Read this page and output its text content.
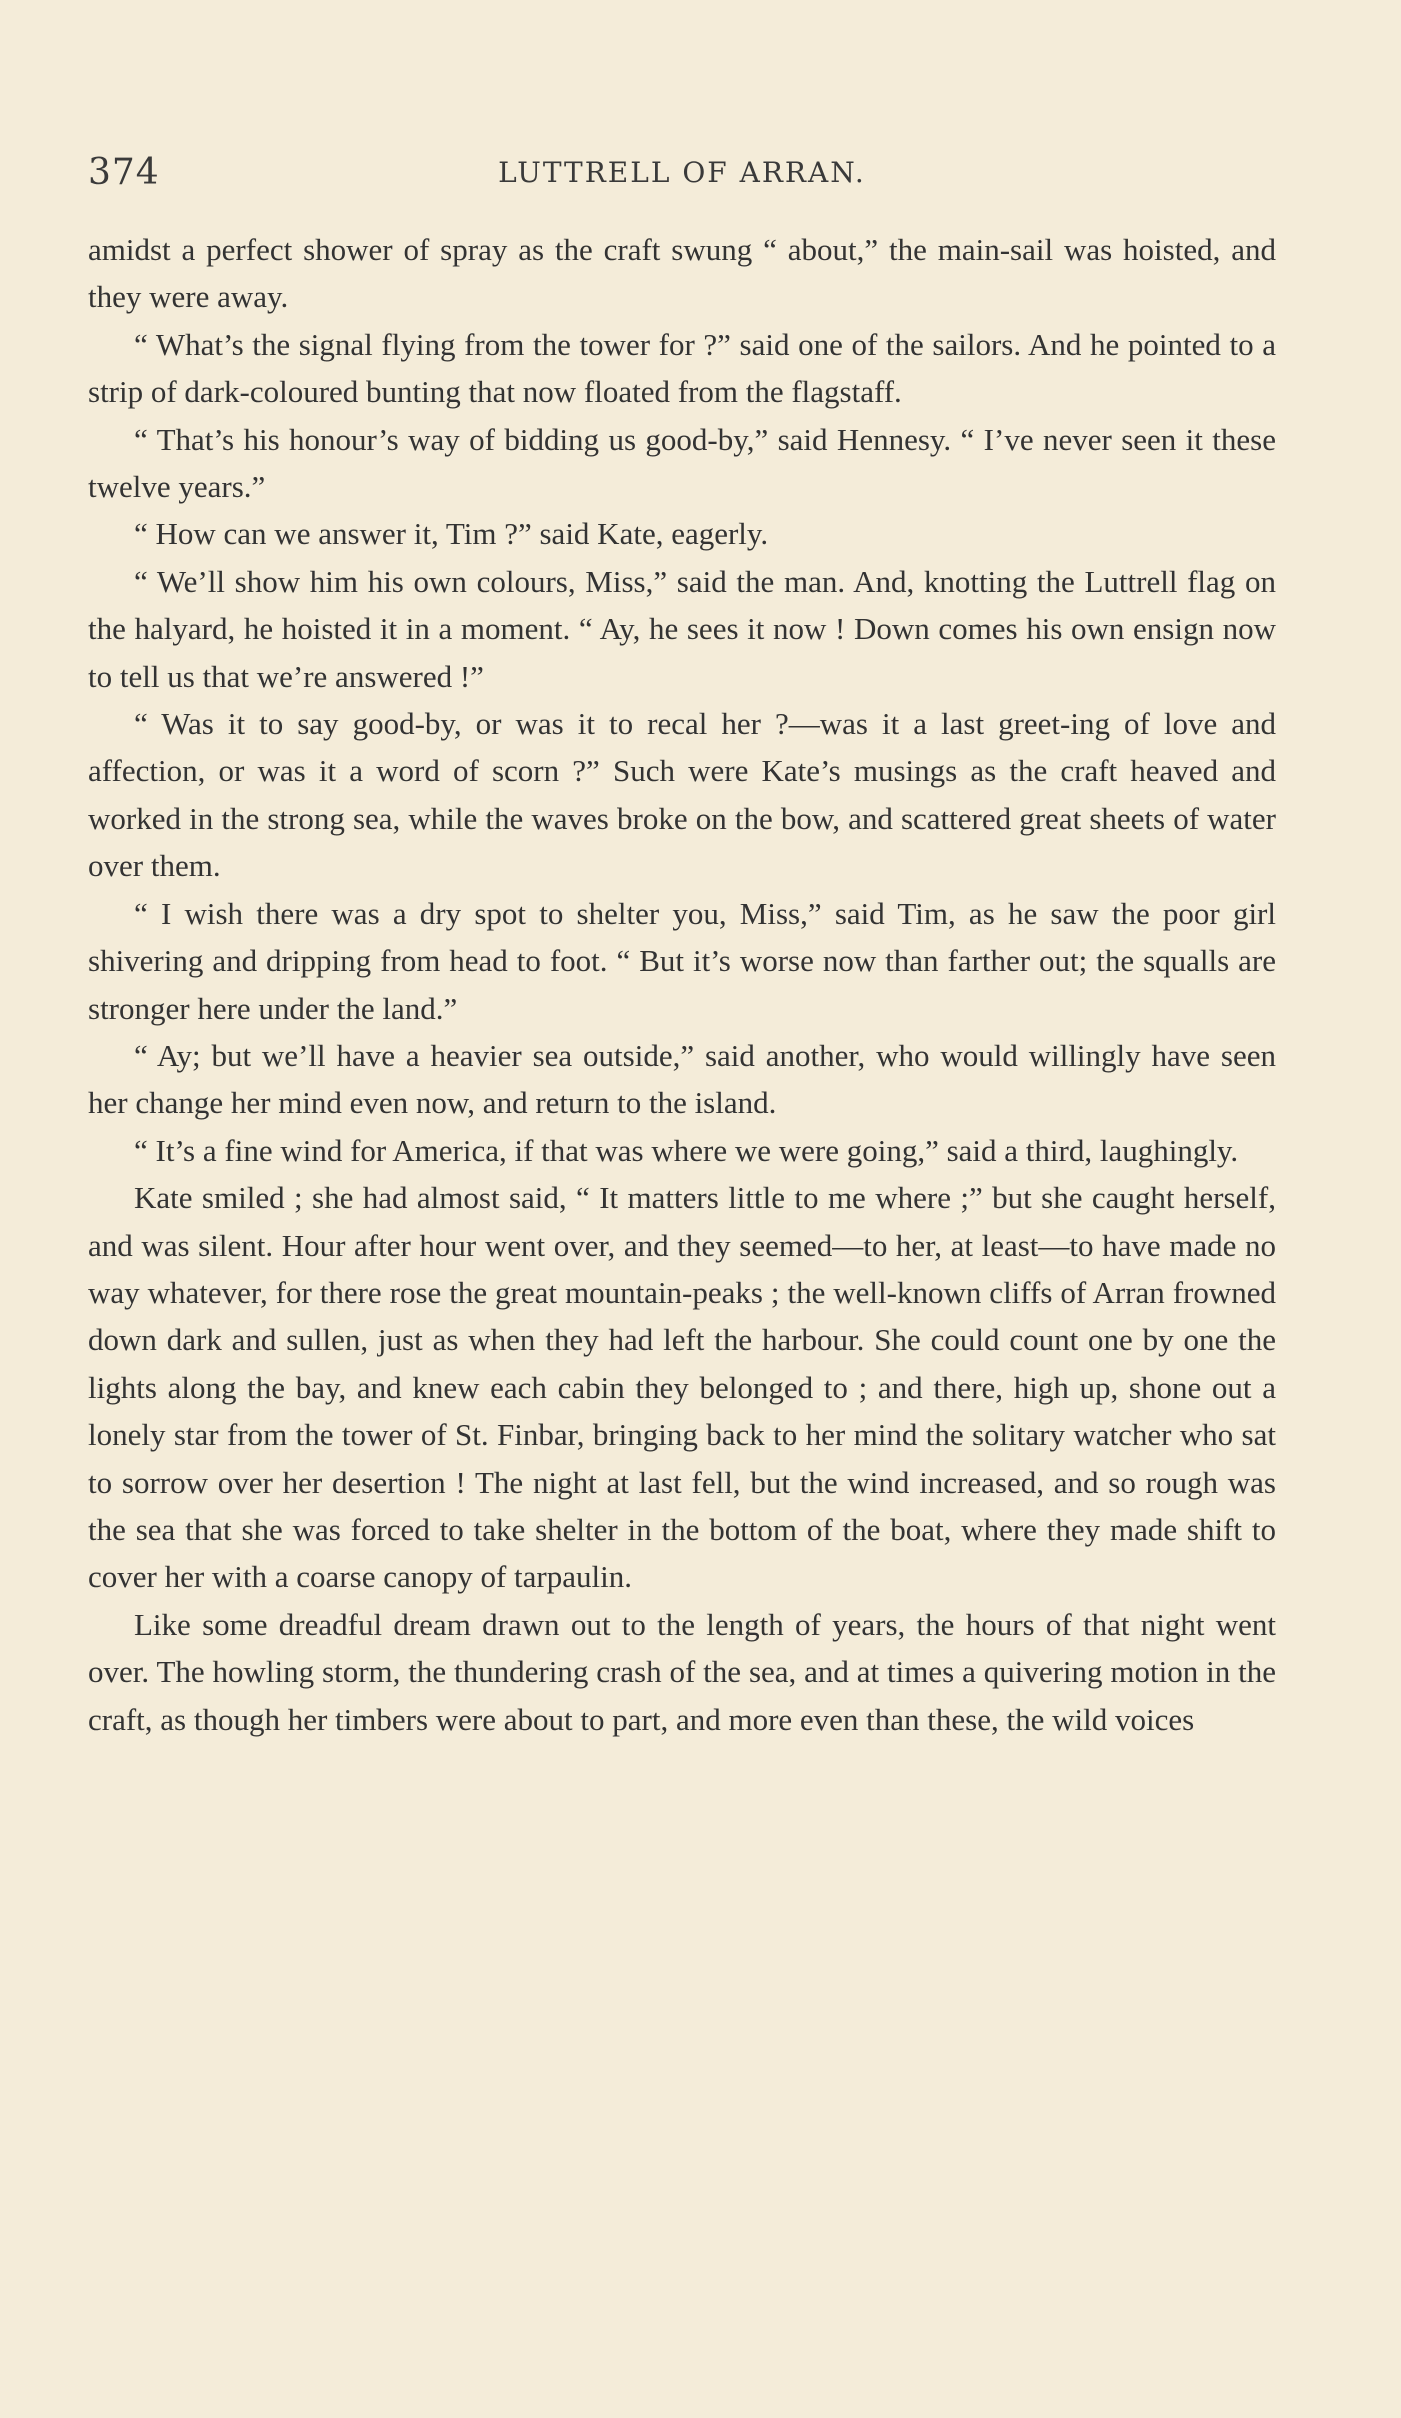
374	LUTTRELL OF ARRAN.

amidst a perfect shower of spray as the craft swung “ about,” the main-sail was hoisted, and they were away.

“ What’s the signal flying from the tower for ?” said one of the sailors. And he pointed to a strip of dark-coloured bunting that now floated from the flagstaff.

“ That’s his honour’s way of bidding us good-by,” said Hennesy. “ I’ve never seen it these twelve years.”

“ How can we answer it, Tim ?” said Kate, eagerly.

“ We’ll show him his own colours, Miss,” said the man. And, knotting the Luttrell flag on the halyard, he hoisted it in a moment. “ Ay, he sees it now ! Down comes his own ensign now to tell us that we’re answered !”

“ Was it to say good-by, or was it to recal her ?—was it a last greet-ing of love and affection, or was it a word of scorn ?” Such were Kate’s musings as the craft heaved and worked in the strong sea, while the waves broke on the bow, and scattered great sheets of water over them.

“ I wish there was a dry spot to shelter you, Miss,” said Tim, as he saw the poor girl shivering and dripping from head to foot. “ But it’s worse now than farther out; the squalls are stronger here under the land.”

“ Ay; but we’ll have a heavier sea outside,” said another, who would willingly have seen her change her mind even now, and return to the island.

“ It’s a fine wind for America, if that was where we were going,” said a third, laughingly.

Kate smiled ; she had almost said, “ It matters little to me where ;” but she caught herself, and was silent. Hour after hour went over, and they seemed—to her, at least—to have made no way whatever, for there rose the great mountain-peaks ; the well-known cliffs of Arran frowned down dark and sullen, just as when they had left the harbour. She could count one by one the lights along the bay, and knew each cabin they belonged to ; and there, high up, shone out a lonely star from the tower of St. Finbar, bringing back to her mind the solitary watcher who sat to sorrow over her desertion ! The night at last fell, but the wind increased, and so rough was the sea that she was forced to take shelter in the bottom of the boat, where they made shift to cover her with a coarse canopy of tarpaulin.

Like some dreadful dream drawn out to the length of years, the hours of that night went over. The howling storm, the thundering crash of the sea, and at times a quivering motion in the craft, as though her timbers were about to part, and more even than these, the wild voices
